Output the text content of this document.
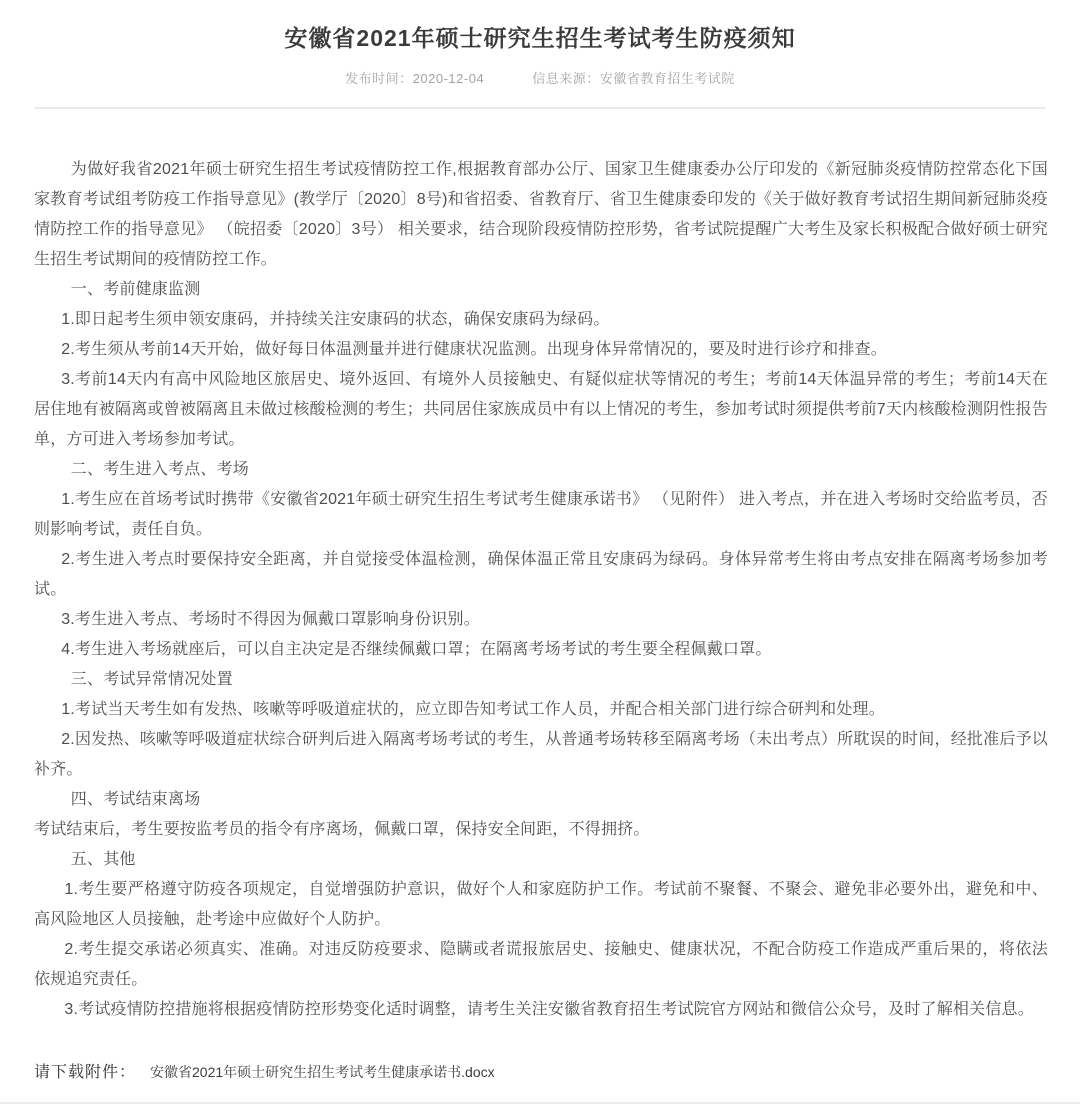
安徽省2021年硕士研究生招生考试考生防疫须知
发布时间：2020-12-04	信息来源：安徽省教育招生考试院

为做好我省2021年硕士研究生招生考试疫情防控工作,根据教育部办公厅、国家卫生健康委办公厅印发的《新冠肺炎疫情防控常态化下国家教育考试组考防疫工作指导意见》(教学厅〔2020〕8号)和省招委、省教育厅、省卫生健康委印发的《关于做好教育考试招生期间新冠肺炎疫情防控工作的指导意见》 （皖招委〔2020〕3号） 相关要求，结合现阶段疫情防控形势，省考试院提醒广大考生及家长积极配合做好硕士研究生招生考试期间的疫情防控工作。

一、考前健康监测

1.即日起考生须申领安康码，并持续关注安康码的状态，确保安康码为绿码。

2.考生须从考前14天开始，做好每日体温测量并进行健康状况监测。出现身体异常情况的，要及时进行诊疗和排查。

3.考前14天内有高中风险地区旅居史、境外返回、有境外人员接触史、有疑似症状等情况的考生；考前14天体温异常的考生；考前14天在居住地有被隔离或曾被隔离且未做过核酸检测的考生；共同居住家族成员中有以上情况的考生，参加考试时须提供考前7天内核酸检测阴性报告单，方可进入考场参加考试。

二、考生进入考点、考场

1.考生应在首场考试时携带《安徽省2021年硕士研究生招生考试考生健康承诺书》 （见附件） 进入考点，并在进入考场时交给监考员，否则影响考试，责任自负。

2.考生进入考点时要保持安全距离，并自觉接受体温检测，确保体温正常且安康码为绿码。身体异常考生将由考点安排在隔离考场参加考试。

3.考生进入考点、考场时不得因为佩戴口罩影响身份识别。

4.考生进入考场就座后，可以自主决定是否继续佩戴口罩；在隔离考场考试的考生要全程佩戴口罩。

三、考试异常情况处置

1.考试当天考生如有发热、咳嗽等呼吸道症状的，应立即告知考试工作人员，并配合相关部门进行综合研判和处理。

2.因发热、咳嗽等呼吸道症状综合研判后进入隔离考场考试的考生，从普通考场转移至隔离考场（未出考点）所耽误的时间，经批准后予以补齐。

四、考试结束离场

考试结束后，考生要按监考员的指令有序离场，佩戴口罩，保持安全间距，不得拥挤。

五、其他

1.考生要严格遵守防疫各项规定，自觉增强防护意识，做好个人和家庭防护工作。考试前不聚餐、不聚会、避免非必要外出，避免和中、高风险地区人员接触，赴考途中应做好个人防护。

2.考生提交承诺必须真实、准确。对违反防疫要求、隐瞒或者谎报旅居史、接触史、健康状况，不配合防疫工作造成严重后果的，将依法依规追究责任。

3.考试疫情防控措施将根据疫情防控形势变化适时调整，请考生关注安徽省教育招生考试院官方网站和微信公众号，及时了解相关信息。

请下载附件： 安徽省2021年硕士研究生招生考试考生健康承诺书.docx
